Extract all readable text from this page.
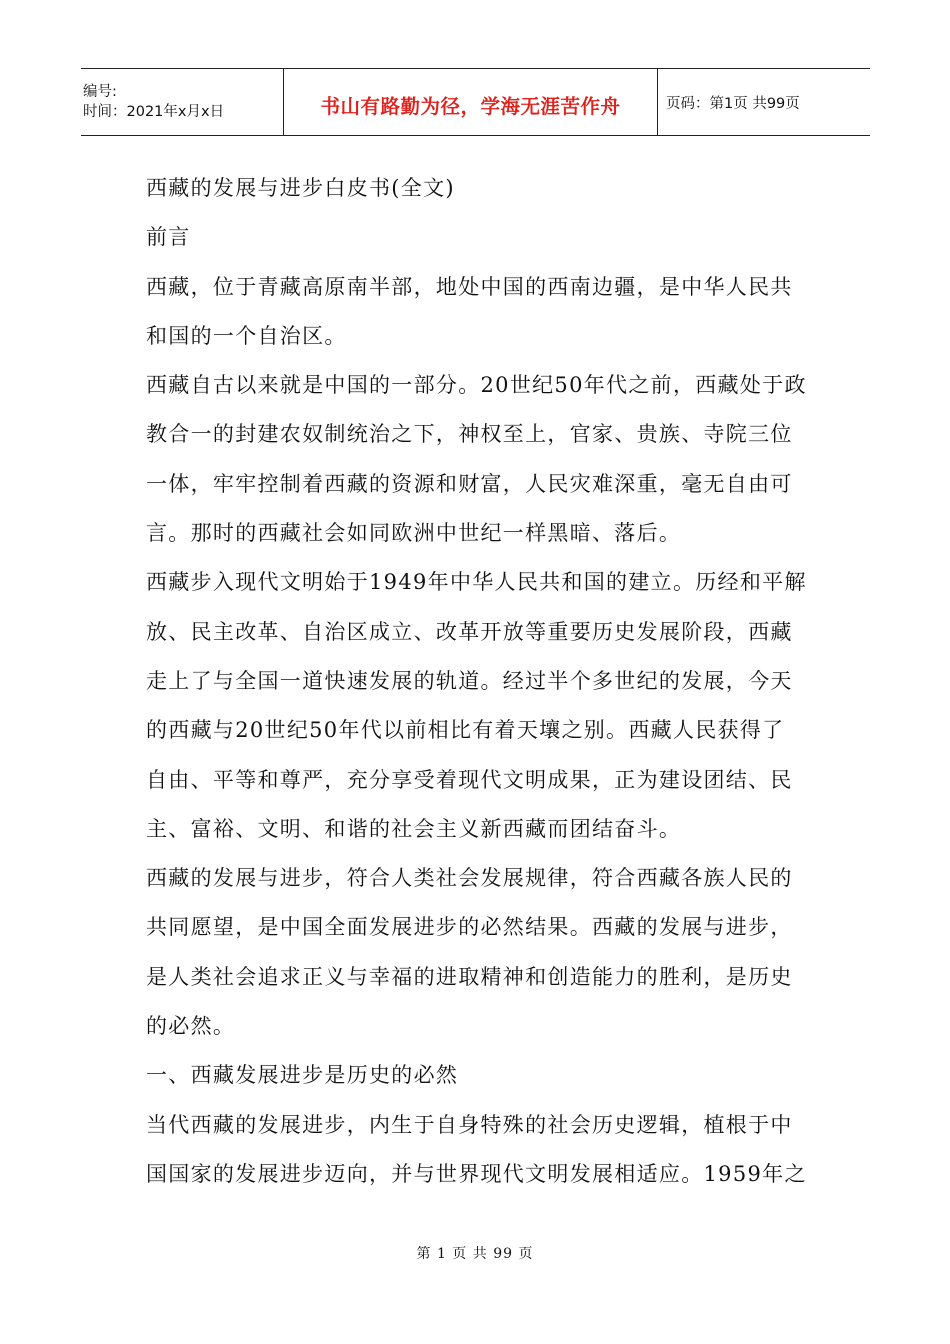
编号:
时间：2021年x月x日	书山有路勤为径，学海无涯苦作舟	页码：第1页 共99页
西藏的发展与进步白皮书(全文)
前言
西藏，位于青藏高原南半部，地处中国的西南边疆，是中华人民共
和国的一个自治区。
西藏自古以来就是中国的一部分。20世纪50年代之前，西藏处于政
教合一的封建农奴制统治之下，神权至上，官家、贵族、寺院三位
一体，牢牢控制着西藏的资源和财富，人民灾难深重，毫无自由可
言。那时的西藏社会如同欧洲中世纪一样黑暗、落后。
西藏步入现代文明始于1949年中华人民共和国的建立。历经和平解
放、民主改革、自治区成立、改革开放等重要历史发展阶段，西藏
走上了与全国一道快速发展的轨道。经过半个多世纪的发展，今天
的西藏与20世纪50年代以前相比有着天壤之别。西藏人民获得了
自由、平等和尊严，充分享受着现代文明成果，正为建设团结、民
主、富裕、文明、和谐的社会主义新西藏而团结奋斗。
西藏的发展与进步，符合人类社会发展规律，符合西藏各族人民的
共同愿望，是中国全面发展进步的必然结果。西藏的发展与进步，
是人类社会追求正义与幸福的进取精神和创造能力的胜利，是历史
的必然。
一、西藏发展进步是历史的必然
当代西藏的发展进步，内生于自身特殊的社会历史逻辑，植根于中
国国家的发展进步迈向，并与世界现代文明发展相适应。1959年之
第 1 页 共 99 页
